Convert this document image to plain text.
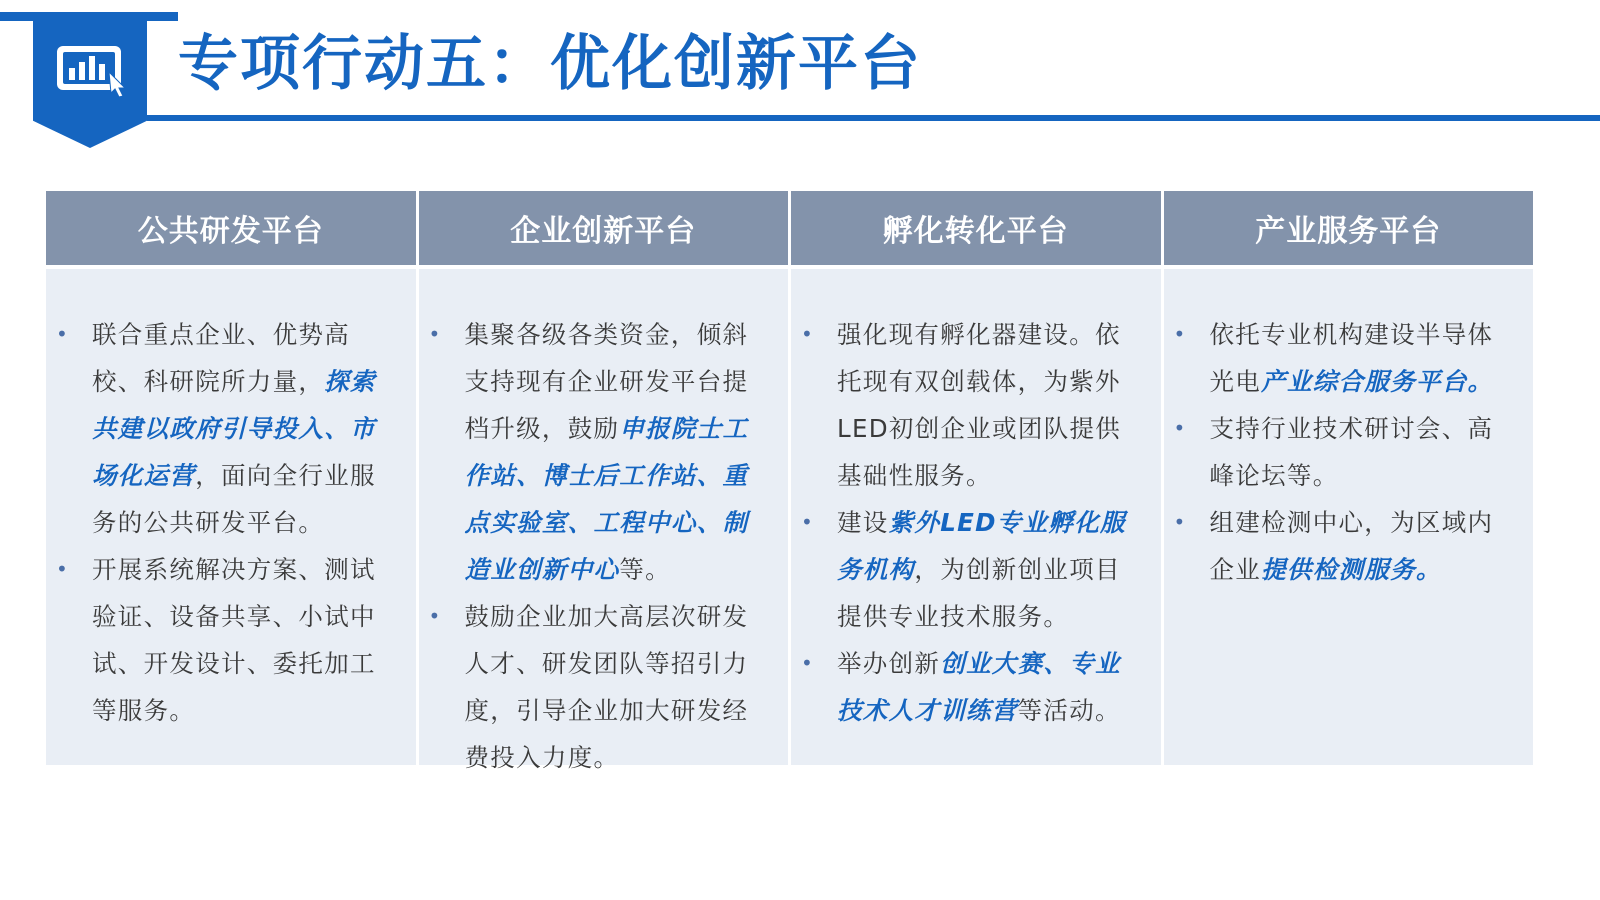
专项行动五：优化创新平台
公共研发平台
• 联合重点企业、优势高校、科研院所力量，探索共建以政府引导投入、市场化运营，面向全行业服务的公共研发平台。
• 开展系统解决方案、测试验证、设备共享、小试中试、开发设计、委托加工等服务。
企业创新平台
• 集聚各级各类资金，倾斜支持现有企业研发平台提档升级，鼓励申报院士工作站、博士后工作站、重点实验室、工程中心、制造业创新中心等。
• 鼓励企业加大高层次研发人才、研发团队等招引力度，引导企业加大研发经费投入力度。
孵化转化平台
• 强化现有孵化器建设。依托现有双创载体，为紫外LED初创企业或团队提供基础性服务。
• 建设紫外LED专业孵化服务机构，为创新创业项目提供专业技术服务。
• 举办创新创业大赛、专业技术人才训练营等活动。
产业服务平台
• 依托专业机构建设半导体光电产业综合服务平台。
• 支持行业技术研讨会、高峰论坛等。
• 组建检测中心，为区域内企业提供检测服务。
